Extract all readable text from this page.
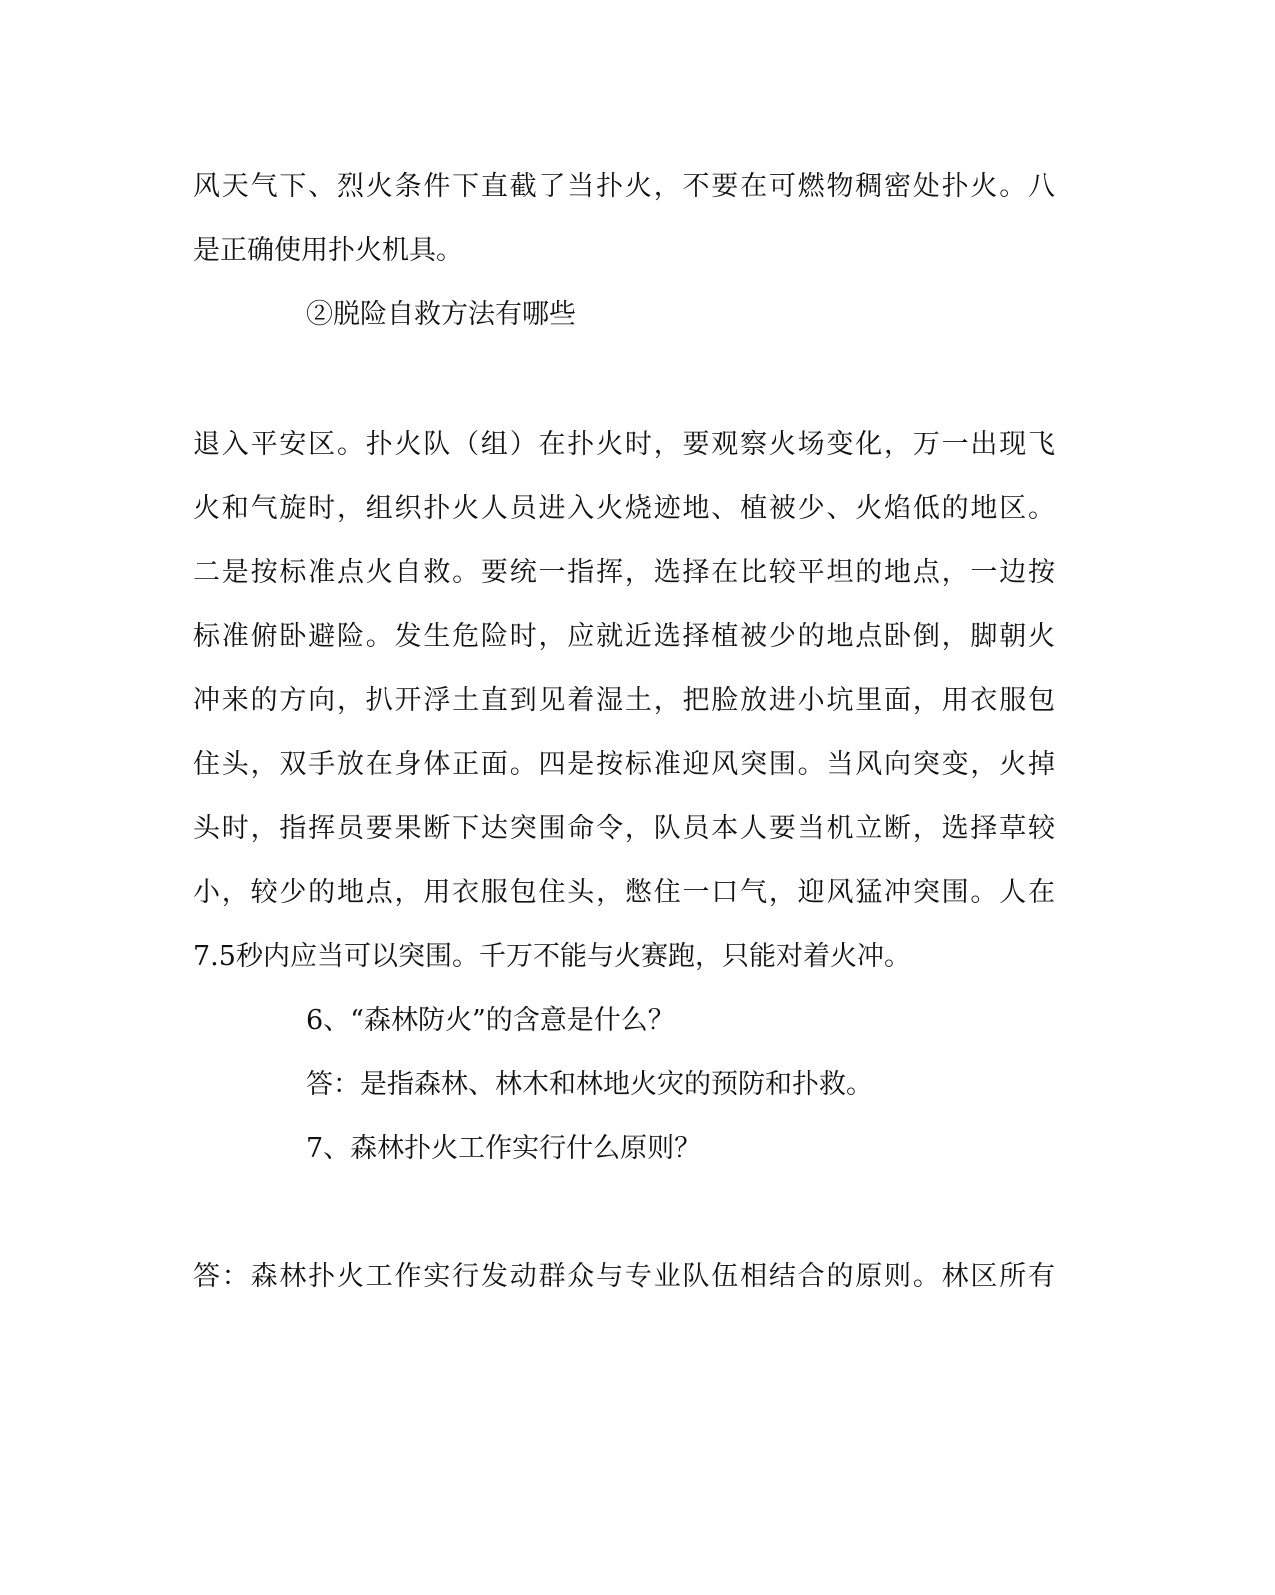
风天气下、烈火条件下直截了当扑火，不要在可燃物稠密处扑火。八
是正确使用扑火机具。
②脱险自救方法有哪些
退入平安区。扑火队（组）在扑火时，要观察火场变化，万一出现飞
火和气旋时，组织扑火人员进入火烧迹地、植被少、火焰低的地区。
二是按标准点火自救。要统一指挥，选择在比较平坦的地点，一边按
标准俯卧避险。发生危险时，应就近选择植被少的地点卧倒，脚朝火
冲来的方向，扒开浮土直到见着湿土，把脸放进小坑里面，用衣服包
住头，双手放在身体正面。四是按标准迎风突围。当风向突变，火掉
头时，指挥员要果断下达突围命令，队员本人要当机立断，选择草较
小，较少的地点，用衣服包住头，憋住一口气，迎风猛冲突围。人在
7.5秒内应当可以突围。千万不能与火赛跑，只能对着火冲。
6、“森林防火”的含意是什么？
答：是指森林、林木和林地火灾的预防和扑救。
7、森林扑火工作实行什么原则？
答：森林扑火工作实行发动群众与专业队伍相结合的原则。林区所有
